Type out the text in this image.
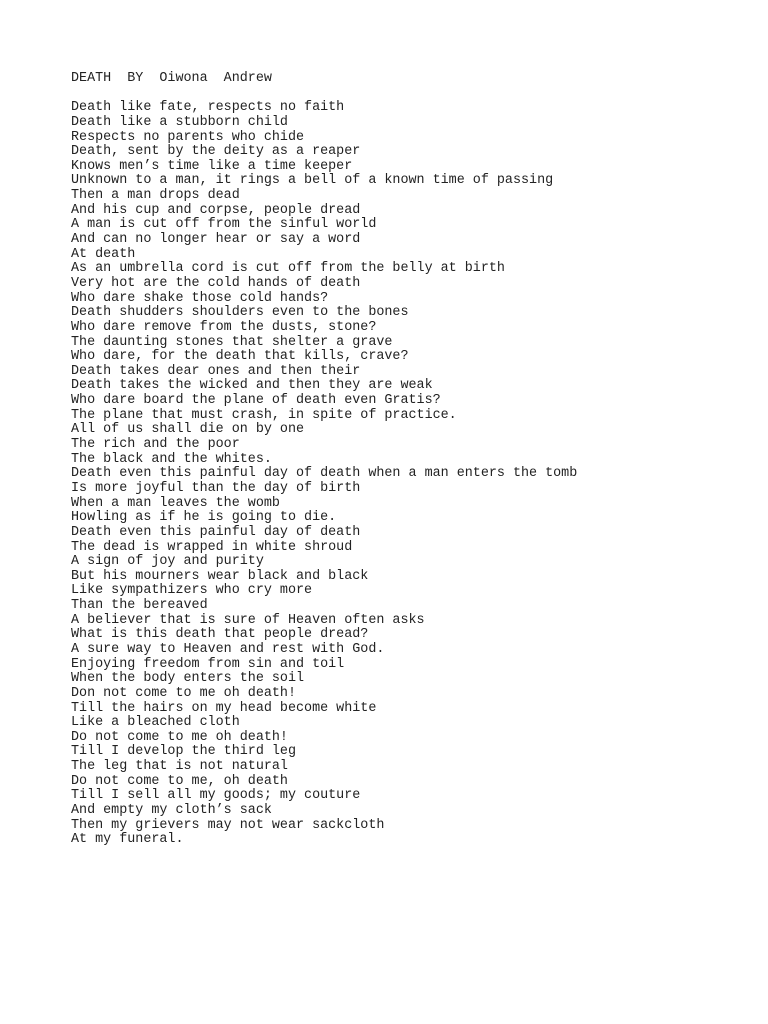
DEATH  BY  Oiwona  Andrew
Death like fate, respects no faith
Death like a stubborn child
Respects no parents who chide
Death, sent by the deity as a reaper
Knows men’s time like a time keeper
Unknown to a man, it rings a bell of a known time of passing
Then a man drops dead
And his cup and corpse, people dread
A man is cut off from the sinful world
And can no longer hear or say a word
At death
As an umbrella cord is cut off from the belly at birth
Very hot are the cold hands of death
Who dare shake those cold hands?
Death shudders shoulders even to the bones
Who dare remove from the dusts, stone?
The daunting stones that shelter a grave
Who dare, for the death that kills, crave?
Death takes dear ones and then their
Death takes the wicked and then they are weak
Who dare board the plane of death even Gratis?
The plane that must crash, in spite of practice.
All of us shall die on by one
The rich and the poor
The black and the whites.
Death even this painful day of death when a man enters the tomb
Is more joyful than the day of birth
When a man leaves the womb
Howling as if he is going to die.
Death even this painful day of death
The dead is wrapped in white shroud
A sign of joy and purity
But his mourners wear black and black
Like sympathizers who cry more
Than the bereaved
A believer that is sure of Heaven often asks
What is this death that people dread?
A sure way to Heaven and rest with God.
Enjoying freedom from sin and toil
When the body enters the soil
Don not come to me oh death!
Till the hairs on my head become white
Like a bleached cloth
Do not come to me oh death!
Till I develop the third leg
The leg that is not natural
Do not come to me, oh death
Till I sell all my goods; my couture
And empty my cloth’s sack
Then my grievers may not wear sackcloth
At my funeral.
